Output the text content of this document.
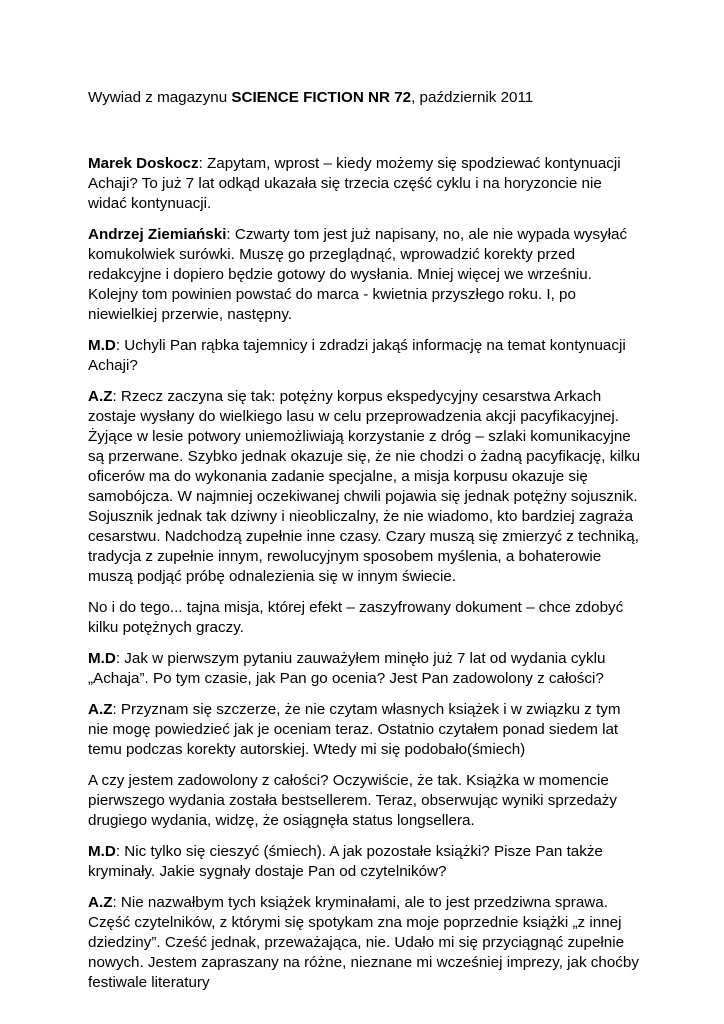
Wywiad z magazynu SCIENCE FICTION NR 72, październik 2011

Marek Doskocz: Zapytam, wprost – kiedy możemy się spodziewać kontynuacji Achaji? To już 7 lat odkąd ukazała się trzecia część cyklu i na horyzoncie nie widać kontynuacji.

Andrzej Ziemiański: Czwarty tom jest już napisany, no, ale nie wypada wysyłać komukolwiek surówki. Muszę go przeglądnąć, wprowadzić korekty przed redakcyjne i dopiero będzie gotowy do wysłania. Mniej więcej we wrześniu. Kolejny tom powinien powstać do marca - kwietnia przyszłego roku. I, po niewielkiej przerwie, następny.

M.D: Uchyli Pan rąbka tajemnicy i zdradzi jakąś informację na temat kontynuacji Achaji?

A.Z: Rzecz zaczyna się tak: potężny korpus ekspedycyjny cesarstwa Arkach zostaje wysłany do wielkiego lasu w celu przeprowadzenia akcji pacyfikacyjnej. Żyjące w lesie potwory uniemożliwiają korzystanie z dróg – szlaki komunikacyjne są przerwane. Szybko jednak okazuje się, że nie chodzi o żadną pacyfikację, kilku oficerów ma do wykonania zadanie specjalne, a misja korpusu okazuje się samobójcza. W najmniej oczekiwanej chwili pojawia się jednak potężny sojusznik. Sojusznik jednak tak dziwny i nieobliczalny, że nie wiadomo, kto bardziej zagraża cesarstwu. Nadchodzą zupełnie inne czasy. Czary muszą się zmierzyć z techniką, tradycja z zupełnie innym, rewolucyjnym sposobem myślenia, a bohaterowie muszą podjąć próbę odnalezienia się w innym świecie.

No i do tego... tajna misja, której efekt – zaszyfrowany dokument – chce zdobyć kilku potężnych graczy.

M.D: Jak w pierwszym pytaniu zauważyłem minęło już 7 lat od wydania cyklu „Achaja”. Po tym czasie, jak Pan go ocenia? Jest Pan zadowolony z całości?

A.Z: Przyznam się szczerze, że nie czytam własnych książek i w związku z tym nie mogę powiedzieć jak je oceniam teraz. Ostatnio czytałem ponad siedem lat temu podczas korekty autorskiej. Wtedy mi się podobało(śmiech)

A czy jestem zadowolony z całości? Oczywiście, że tak. Książka w momencie pierwszego wydania została bestsellerem. Teraz, obserwując wyniki sprzedaży drugiego wydania, widzę, że osiągnęła status longsellera.

M.D: Nic tylko się cieszyć (śmiech). A jak pozostałe książki? Pisze Pan także kryminały. Jakie sygnały dostaje Pan od czytelników?

A.Z: Nie nazwałbym tych książek kryminałami, ale to jest przedziwna sprawa. Część czytelników, z którymi się spotykam zna moje poprzednie książki „z innej dziedziny”. Cześć jednak, przeważająca, nie. Udało mi się przyciągnąć zupełnie nowych. Jestem zapraszany na różne, nieznane mi wcześniej imprezy, jak choćby festiwale literatury
